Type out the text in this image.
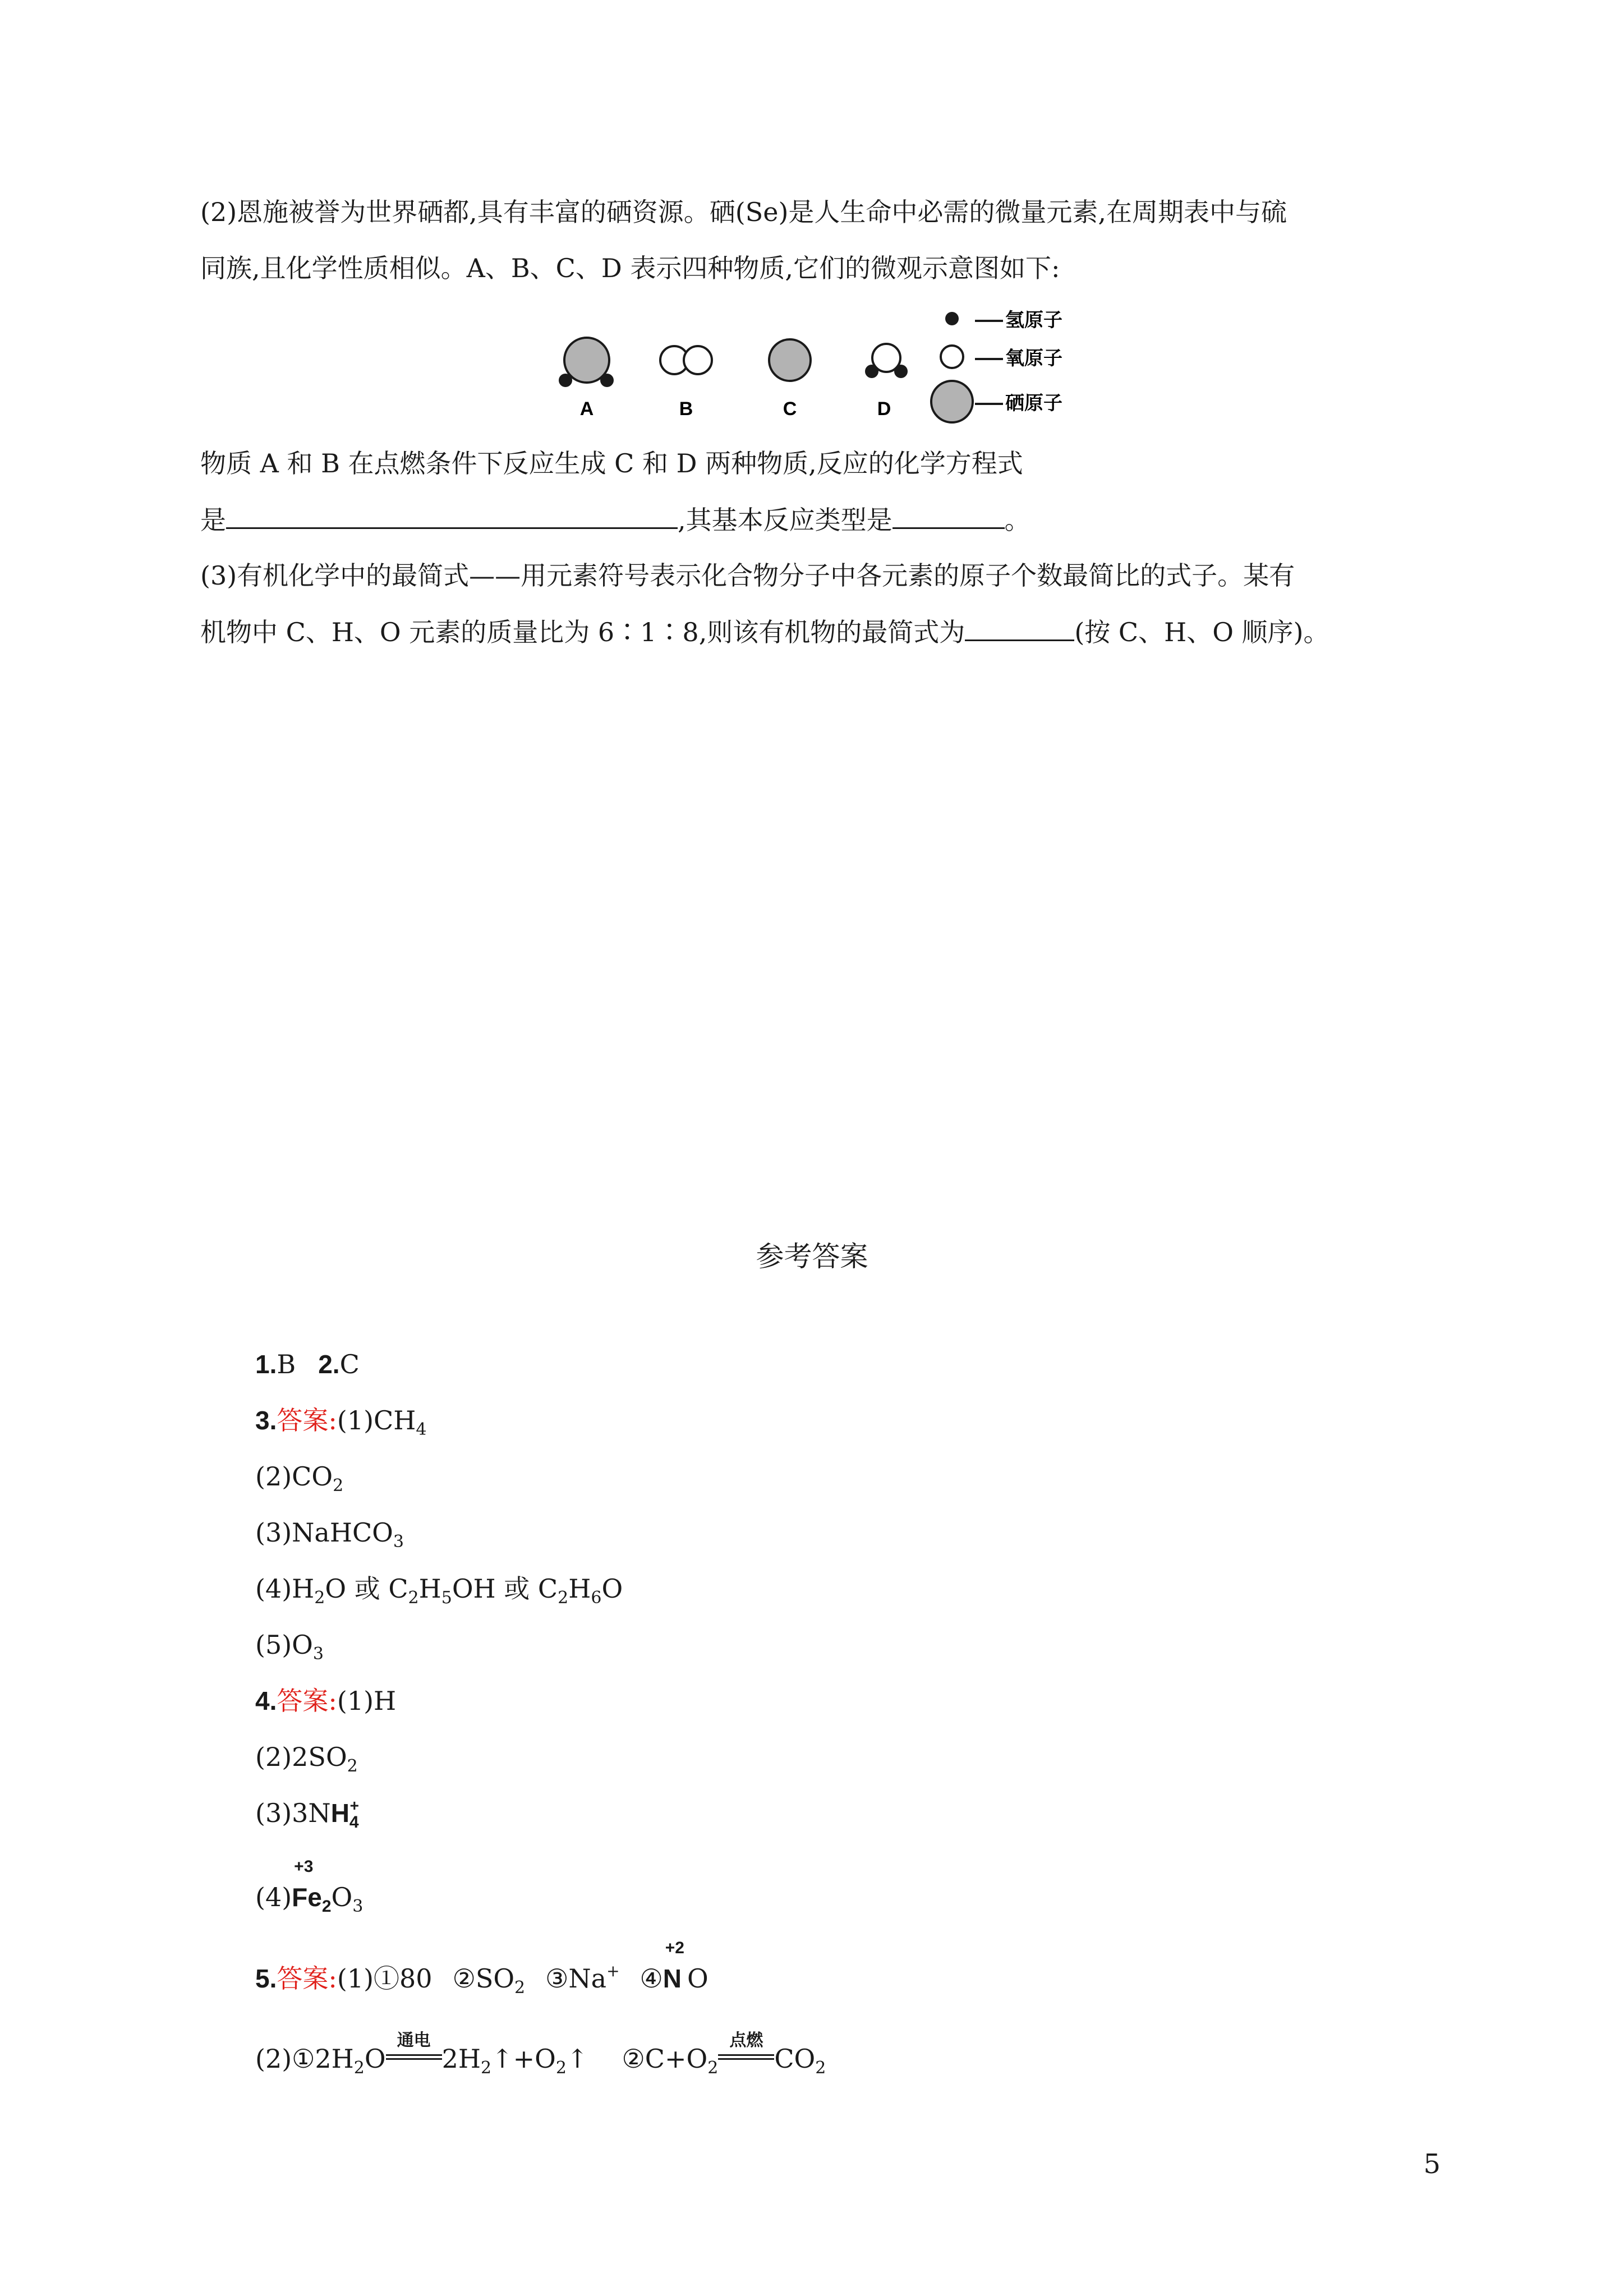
(2)恩施被誉为世界硒都,具有丰富的硒资源。硒(Se)是人生命中必需的微量元素,在周期表中与硫
同族,且化学性质相似。A、B、C、D 表示四种物质,它们的微观示意图如下:
A	B	C	D
氢原子
氧原子
硒原子
物质 A 和 B 在点燃条件下反应生成 C 和 D 两种物质,反应的化学方程式
是	,其基本反应类型是	。
(3)有机化学中的最简式——用元素符号表示化合物分子中各元素的原子个数最简比的式子。某有
机物中 C、H、O 元素的质量比为 6∶1∶8,则该有机物的最简式为	(按 C、H、O 顺序)。
参考答案
1.B 2.C
3.答案$:(1)CH_4$
$(2)CO_2$
(3)NaHCO$_3$
$(4)H_2O$ 或 $C_2H_5OH$ 或 $C_2H_6O$
$(5)O_3$
4.答案:(1)H
$(2)2SO_2$
$(3)3NH_4^+$
(4)
+3
$Fe_2O_3$
5.答案:(1)①80 $②SO_2$ ③Na+ ④
+2
N O
$(2)①2H_2O$
通电
$2H_2↑+O_2↑$ $②C+O_2$
点燃
$CO_2$
5
